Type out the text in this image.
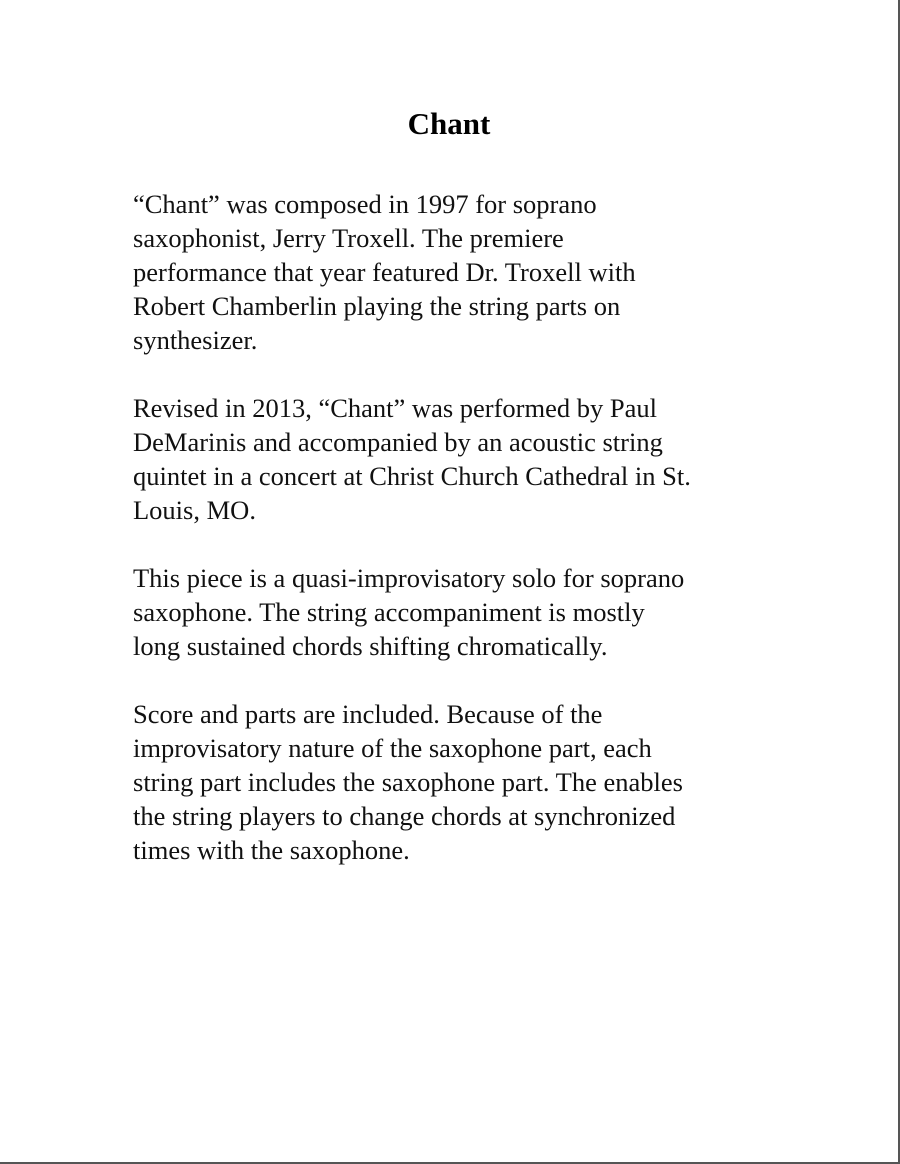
Chant

“Chant” was composed in 1997 for soprano
saxophonist, Jerry Troxell. The premiere
performance that year featured Dr. Troxell with
Robert Chamberlin playing the string parts on
synthesizer.

Revised in 2013, “Chant” was performed by Paul
DeMarinis and accompanied by an acoustic string
quintet in a concert at Christ Church Cathedral in St.
Louis, MO.

This piece is a quasi-improvisatory solo for soprano
saxophone. The string accompaniment is mostly
long sustained chords shifting chromatically.

Score and parts are included. Because of the
improvisatory nature of the saxophone part, each
string part includes the saxophone part. The enables
the string players to change chords at synchronized
times with the saxophone.
